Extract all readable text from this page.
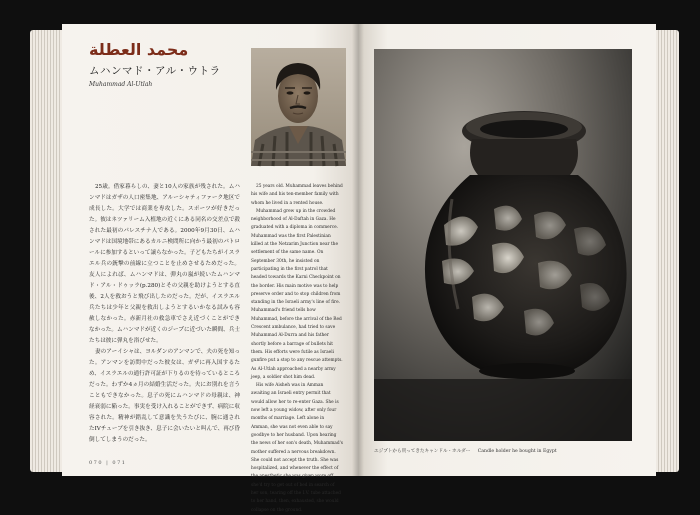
محمد العطلة
ムハンマド・アル・ウトラ
Muhammad Al-Utlah

25歳。借家暮らしの、妻と10人の家族が残された。ムハンマドはガザの人口密集地、アルーシャティファーク地区で成長した。大学では商業を専攻した。スポーツが好きだった。彼はネツァリーム入植地の近くにある同名の交差点で殺された最初のパレスチナ人である。2000年9月30日、ムハンマドは国境地帯にあるカルニ検問所に向かう最初のパトロールに参加するといって譲らなかった。子どもたちがイスラエル兵の銃撃の前線に立つことを止めさせるためだった。友人によれば、ムハンマドは、弾丸の嵐が続いたムハンマド・アル・ドゥッラ(p.280)とその父親を助けようとする直後、2人を救おうと飛び出したのだった。だが、イスラエル兵たちは少年と父親を救出しようとするいかなる試みも容赦しなかった。赤新月社の救急車でさえ近づくことができなかった。ムハンマドが近くのジープに近づいた瞬間、兵士たちは彼に弾丸を浴びせた。

妻のアーイシャは、ヨルダンのアンマンで、夫の死を知った。アンマンを訪問中だった彼女は、ガザに再入国するため、イスラエルの通行許可証が下りるのを待っているところだった。わずか4ヵ月の結婚生活だった。夫にお別れを言うこともできなかった。息子の死にムハンマドの母親は、神経衰弱に陥った。事実を受け入れることができず、病院に収容された。精神が錯乱して意識を失うたびに、腕に通されたIVチューブを引き抜き、息子に会いたいと叫んで、再び昏倒してしまうのだった。

25 years old. Muhammad leaves behind his wife and his ten-member family with whom he lived in a rented house.

Muhammad grew up in the crowded neighborhood of Al-Daftah in Gaza. He graduated with a diploma in commerce. Muhammad was the first Palestinian killed at the Netzarim Junction near the settlement of the same name. On September 30th, he insisted on participating in the first patrol that headed towards the Karni Checkpoint on the border. His main motive was to help preserve order and to stop children from standing in the Israeli army's line of fire. Muhammad's friend tells how Muhammad, before the arrival of the Red Crescent ambulance, had tried to save Muhammad Al-Durra and his father shortly before a barrage of bullets hit them. His efforts were futile as Israeli gunfire put a stop to any rescue attempts. As Al-Utlah approached a nearby army jeep, a soldier shot him dead.

His wife Aisheh was in Amman awaiting an Israeli entry permit that would allow her to re-enter Gaza. She is now left a young widow, after only four months of marriage. Left alone in Amman, she was not even able to say goodbye to her husband. Upon hearing the news of her son's death, Muhammad's mother suffered a nervous breakdown. She could not accept the truth. She was hospitalized, and whenever the effect of the anesthetic she was given wore off, she'd try to get out of bed in search of her son, tearing off the I.V. tube attached to her hand, then, exhausted, she would collapse on the ground.

070 | 071
エジプトから買ってきたキャンドル・ホルダー Candle holder he bought in Egypt
